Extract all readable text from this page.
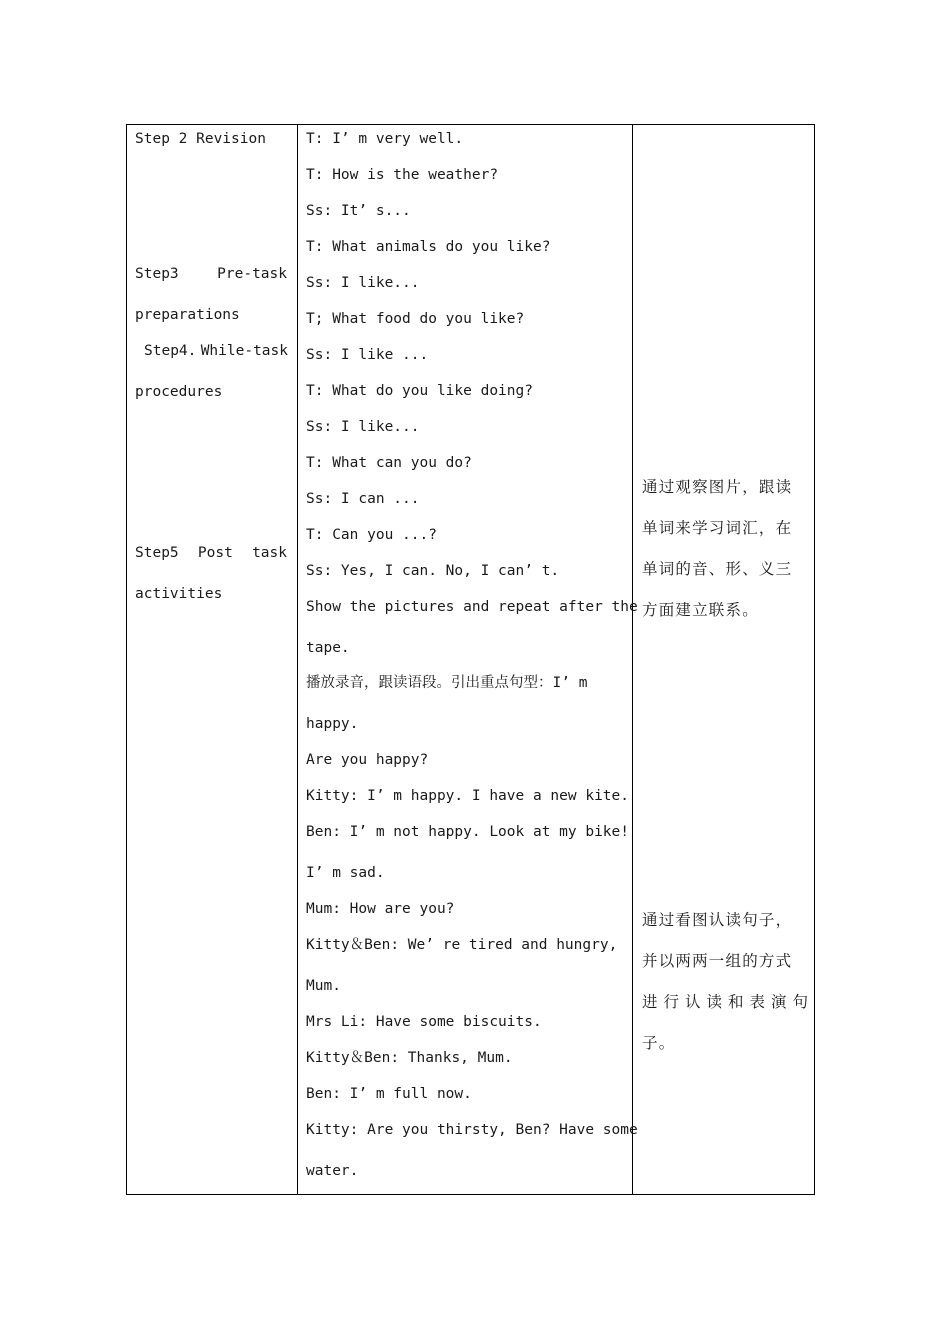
Step 2 Revision
Step3	Pre-task
preparations
Step4. While-task
procedures
Step5 Post task
activities
T: I’ m very well.
T: How is the weather?
Ss: It’ s...
T: What animals do you like?
Ss: I like...
T; What food do you like?
Ss: I like ...
T: What do you like doing?
Ss: I like...
T: What can you do?
Ss: I can ...
T: Can you ...?
Ss: Yes, I can. No, I can’ t.
Show the pictures and repeat after the
tape.
播放录音，跟读语段。引出重点句型：I’ m
happy.
Are you happy?
Kitty: I’ m happy. I have a new kite.
Ben: I’ m not happy. Look at my bike!
I’ m sad.
Mum: How are you?
Kitty＆Ben: We’ re tired and hungry,
Mum.
Mrs Li: Have some biscuits.
Kitty＆Ben: Thanks, Mum.
Ben: I’ m full now.
Kitty: Are you thirsty, Ben? Have some
water.
通过观察图片，跟读
单词来学习词汇，在
单词的音、形、义三
方面建立联系。
通过看图认读句子，
并以两两一组的方式
进行认读和表演句
子。
